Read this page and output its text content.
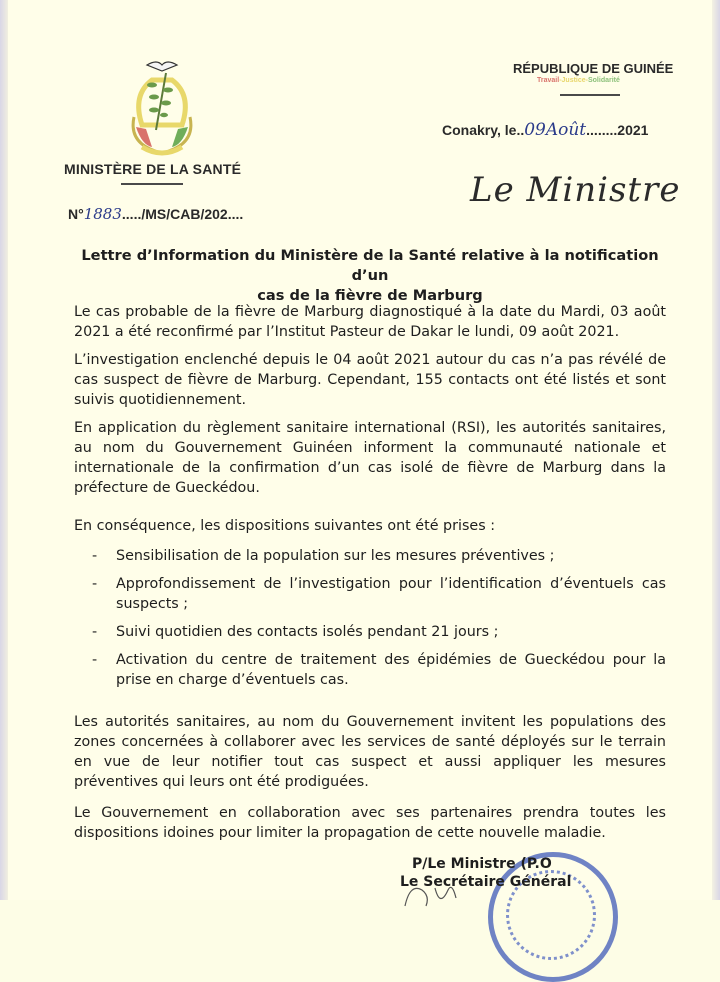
MINISTÈRE DE LA SANTÉ
N°1883...../MS/CAB/202....
RÉPUBLIQUE DE GUINÉE
Travail-Justice-Solidarité
Conakry, le..09Août........2021
Le Ministre
Lettre d’Information du Ministère de la Santé relative à la notification d’un
cas de la fièvre de Marburg
Le cas probable de la fièvre de Marburg diagnostiqué à la date du Mardi, 03 août 2021 a été reconfirmé par l’Institut Pasteur de Dakar le lundi, 09 août 2021.
L’investigation enclenché depuis le 04 août 2021 autour du cas n’a pas révélé de cas suspect de fièvre de Marburg. Cependant, 155 contacts ont été listés et sont suivis quotidiennement.
En application du règlement sanitaire international (RSI), les autorités sanitaires, au nom du Gouvernement Guinéen informent la communauté nationale et internationale de la confirmation d’un cas isolé de fièvre de Marburg dans la préfecture de Gueckédou.
En conséquence, les dispositions suivantes ont été prises :
- Sensibilisation de la population sur les mesures préventives ;
- Approfondissement de l’investigation pour l’identification d’éventuels cas suspects ;
- Suivi quotidien des contacts isolés pendant 21 jours ;
- Activation du centre de traitement des épidémies de Gueckédou pour la prise en charge d’éventuels cas.
Les autorités sanitaires, au nom du Gouvernement invitent les populations des zones concernées à collaborer avec les services de santé déployés sur le terrain en vue de leur notifier tout cas suspect et aussi appliquer les mesures préventives qui leurs ont été prodiguées.
Le Gouvernement en collaboration avec ses partenaires prendra toutes les dispositions idoines pour limiter la propagation de cette nouvelle maladie.
P/Le Ministre (P.O
Le Secrétaire Général
